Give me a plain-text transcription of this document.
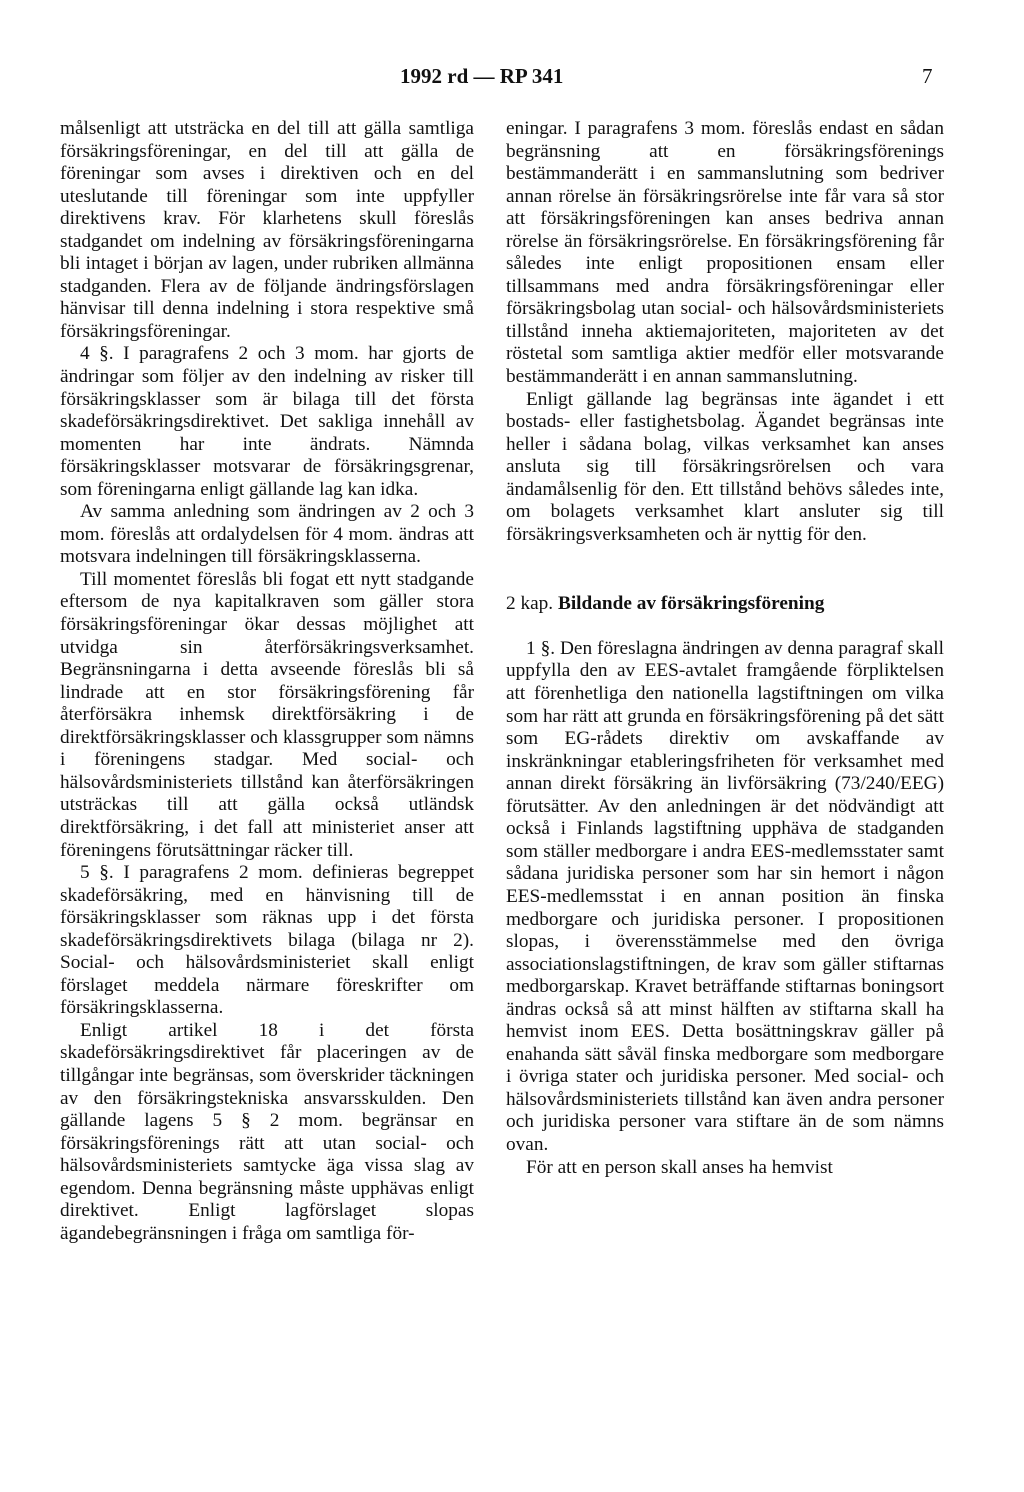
1992 rd — RP 341	7

målsenligt att utsträcka en del till att gälla samtliga försäkringsföreningar, en del till att gälla de föreningar som avses i direktiven och en del uteslutande till föreningar som inte uppfyller direktivens krav. För klarhetens skull föreslås stadgandet om indelning av försäkringsföreningarna bli intaget i början av lagen, under rubriken allmänna stadganden. Flera av de följande ändringsförslagen hänvisar till denna indelning i stora respektive små försäkringsföreningar.

4 §. I paragrafens 2 och 3 mom. har gjorts de ändringar som följer av den indelning av risker till försäkringsklasser som är bilaga till det första skadeförsäkringsdirektivet. Det sakliga innehåll av momenten har inte ändrats. Nämnda försäkringsklasser motsvarar de försäkringsgrenar, som föreningarna enligt gällande lag kan idka.

Av samma anledning som ändringen av 2 och 3 mom. föreslås att ordalydelsen för 4 mom. ändras att motsvara indelningen till försäkringsklasserna.

Till momentet föreslås bli fogat ett nytt stadgande eftersom de nya kapitalkraven som gäller stora försäkringsföreningar ökar dessas möjlighet att utvidga sin återförsäkringsverksamhet. Begränsningarna i detta avseende föreslås bli så lindrade att en stor försäkringsförening får återförsäkra inhemsk direktförsäkring i de direktförsäkringsklasser och klassgrupper som nämns i föreningens stadgar. Med social- och hälsovårdsministeriets tillstånd kan återförsäkringen utsträckas till att gälla också utländsk direktförsäkring, i det fall att ministeriet anser att föreningens förutsättningar räcker till.

5 §. I paragrafens 2 mom. definieras begreppet skadeförsäkring, med en hänvisning till de försäkringsklasser som räknas upp i det första skadeförsäkringsdirektivets bilaga (bilaga nr 2). Social- och hälsovårdsministeriet skall enligt förslaget meddela närmare föreskrifter om försäkringsklasserna.

Enligt artikel 18 i det första skadeförsäkringsdirektivet får placeringen av de tillgångar inte begränsas, som överskrider täckningen av den försäkringstekniska ansvarsskulden. Den gällande lagens 5 § 2 mom. begränsar en försäkringsförenings rätt att utan social- och hälsovårdsministeriets samtycke äga vissa slag av egendom. Denna begränsning måste upphävas enligt direktivet. Enligt lagförslaget slopas ägandebegränsningen i fråga om samtliga för-

eningar. I paragrafens 3 mom. föreslås endast en sådan begränsning att en försäkringsförenings bestämmanderätt i en sammanslutning som bedriver annan rörelse än försäkringsrörelse inte får vara så stor att försäkringsföreningen kan anses bedriva annan rörelse än försäkringsrörelse. En försäkringsförening får således inte enligt propositionen ensam eller tillsammans med andra försäkringsföreningar eller försäkringsbolag utan social- och hälsovårdsministeriets tillstånd inneha aktiemajoriteten, majoriteten av det röstetal som samtliga aktier medför eller motsvarande bestämmanderätt i en annan sammanslutning.

Enligt gällande lag begränsas inte ägandet i ett bostads- eller fastighetsbolag. Ägandet begränsas inte heller i sådana bolag, vilkas verksamhet kan anses ansluta sig till försäkringsrörelsen och vara ändamålsenlig för den. Ett tillstånd behövs således inte, om bolagets verksamhet klart ansluter sig till försäkringsverksamheten och är nyttig för den.

2 kap. Bildande av försäkringsförening

1 §. Den föreslagna ändringen av denna paragraf skall uppfylla den av EES-avtalet framgående förpliktelsen att förenhetliga den nationella lagstiftningen om vilka som har rätt att grunda en försäkringsförening på det sätt som EG-rådets direktiv om avskaffande av inskränkningar etableringsfriheten för verksamhet med annan direkt försäkring än livförsäkring (73/240/EEG) förutsätter. Av den anledningen är det nödvändigt att också i Finlands lagstiftning upphäva de stadganden som ställer medborgare i andra EES-medlemsstater samt sådana juridiska personer som har sin hemort i någon EES-medlemsstat i en annan position än finska medborgare och juridiska personer. I propositionen slopas, i överensstämmelse med den övriga associationslagstiftningen, de krav som gäller stiftarnas medborgarskap. Kravet beträffande stiftarnas boningsort ändras också så att minst hälften av stiftarna skall ha hemvist inom EES. Detta bosättningskrav gäller på enahanda sätt såväl finska medborgare som medborgare i övriga stater och juridiska personer. Med social- och hälsovårdsministeriets tillstånd kan även andra personer och juridiska personer vara stiftare än de som nämns ovan.

För att en person skall anses ha hemvist
